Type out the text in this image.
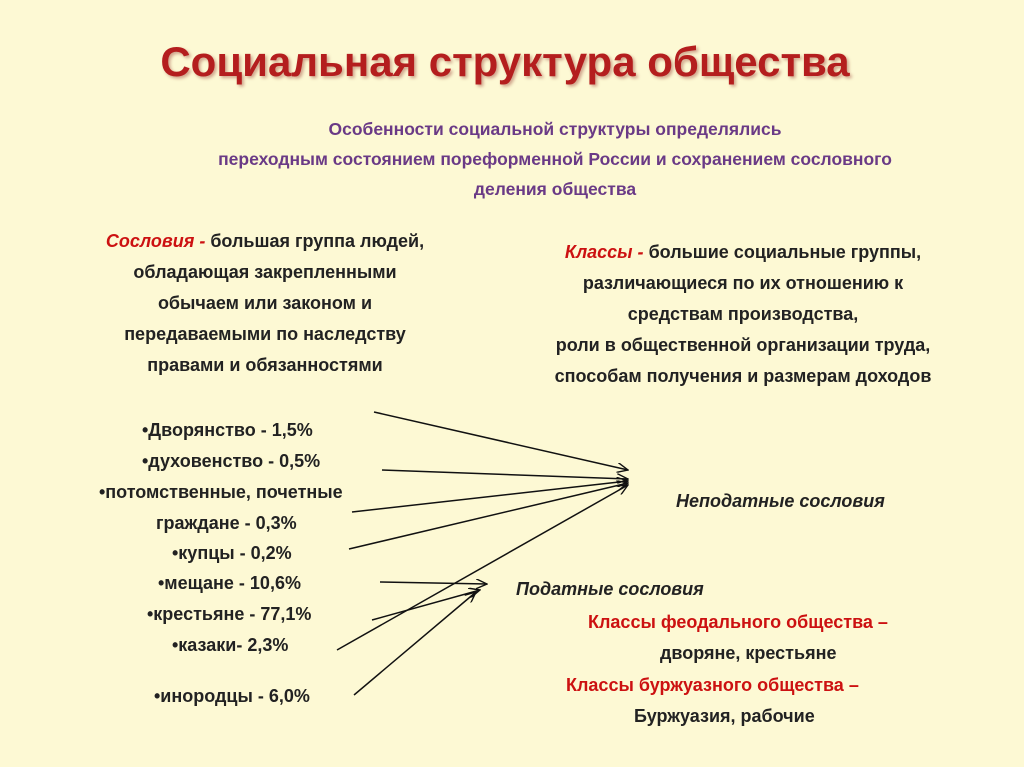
Социальная структура общества
Особенности социальной структуры определялись
переходным состоянием пореформенной России и сохранением сословного
деления общества
Сословия - большая группа людей,
обладающая закрепленными
обычаем или законом и
передаваемыми по наследству
правами и обязанностями
Классы - большие социальные группы,
различающиеся по их отношению к
средствам производства,
роли в общественной организации труда,
способам получения и размерам доходов
•Дворянство - 1,5%
•духовенство - 0,5%
•потомственные, почетные
граждане - 0,3%
•купцы - 0,2%
•мещане - 10,6%
•крестьяне - 77,1%
•казаки- 2,3%
•инородцы - 6,0%
Неподатные сословия
Податные сословия
Классы феодального общества –
дворяне, крестьяне
Классы буржуазного общества –
Буржуазия, рабочие
